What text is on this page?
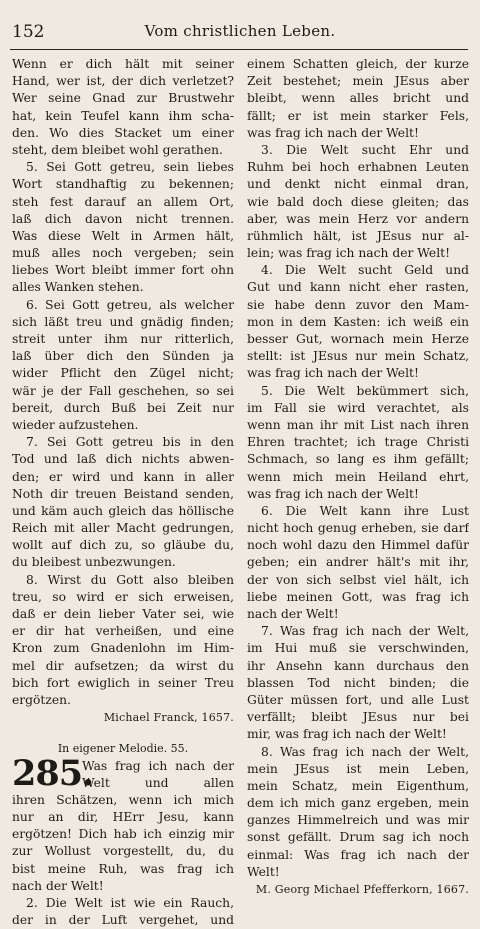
152	Vom christlichen Leben.
Wenn er dich hält mit seiner
Hand, wer ist, der dich verletzet?
Wer seine Gnad zur Brustwehr
hat, kein Teufel kann ihm scha-
den. Wo dies Stacket um einer
steht, dem bleibet wohl gerathen.
5. Sei Gott getreu, sein liebes
Wort standhaftig zu bekennen;
steh fest darauf an allem Ort,
laß dich davon nicht trennen.
Was diese Welt in Armen hält,
muß alles noch vergeben; sein
liebes Wort bleibt immer fort ohn
alles Wanken stehen.
6. Sei Gott getreu, als welcher
sich läßt treu und gnädig finden;
streit unter ihm nur ritterlich,
laß über dich den Sünden ja
wider Pflicht den Zügel nicht;
wär je der Fall geschehen, so sei
bereit, durch Buß bei Zeit nur
wieder aufzustehen.
7. Sei Gott getreu bis in den
Tod und laß dich nichts abwen-
den; er wird und kann in aller
Noth dir treuen Beistand senden,
und käm auch gleich das höllische
Reich mit aller Macht gedrungen,
wollt auf dich zu, so gläube du,
du bleibest unbezwungen.
8. Wirst du Gott also bleiben
treu, so wird er sich erweisen,
daß er dein lieber Vater sei, wie
er dir hat verheißen, und eine
Kron zum Gnadenlohn im Him-
mel dir aufsetzen; da wirst du
bich fort ewiglich in seiner Treu
ergötzen.
Michael Franck, 1657.
In eigener Melodie. 55.
285.
Was frag ich nach der
Welt und allen
ihren Schätzen, wenn ich mich
nur an dir, HErr Jesu, kann
ergötzen! Dich hab ich einzig mir
zur Wollust vorgestellt, du, du
bist meine Ruh, was frag ich
nach der Welt!
2. Die Welt ist wie ein Rauch,
der in der Luft vergehet, und
einem Schatten gleich, der kurze
Zeit bestehet; mein JEsus aber
bleibt, wenn alles bricht und
fällt; er ist mein starker Fels,
was frag ich nach der Welt!
3. Die Welt sucht Ehr und
Ruhm bei hoch erhabnen Leuten
und denkt nicht einmal dran,
wie bald doch diese gleiten; das
aber, was mein Herz vor andern
rühmlich hält, ist JEsus nur al-
lein; was frag ich nach der Welt!
4. Die Welt sucht Geld und
Gut und kann nicht eher rasten,
sie habe denn zuvor den Mam-
mon in dem Kasten: ich weiß ein
besser Gut, wornach mein Herze
stellt: ist JEsus nur mein Schatz,
was frag ich nach der Welt!
5. Die Welt bekümmert sich,
im Fall sie wird verachtet, als
wenn man ihr mit List nach ihren
Ehren trachtet; ich trage Christi
Schmach, so lang es ihm gefällt;
wenn mich mein Heiland ehrt,
was frag ich nach der Welt!
6. Die Welt kann ihre Lust
nicht hoch genug erheben, sie darf
noch wohl dazu den Himmel dafür
geben; ein andrer hält's mit ihr,
der von sich selbst viel hält, ich
liebe meinen Gott, was frag ich
nach der Welt!
7. Was frag ich nach der Welt,
im Hui muß sie verschwinden,
ihr Ansehn kann durchaus den
blassen Tod nicht binden; die
Güter müssen fort, und alle Lust
verfällt; bleibt JEsus nur bei
mir, was frag ich nach der Welt!
8. Was frag ich nach der Welt,
mein JEsus ist mein Leben,
mein Schatz, mein Eigenthum,
dem ich mich ganz ergeben, mein
ganzes Himmelreich und was mir
sonst gefällt. Drum sag ich noch
einmal: Was frag ich nach der
Welt!
M. Georg Michael Pfefferkorn, 1667.
